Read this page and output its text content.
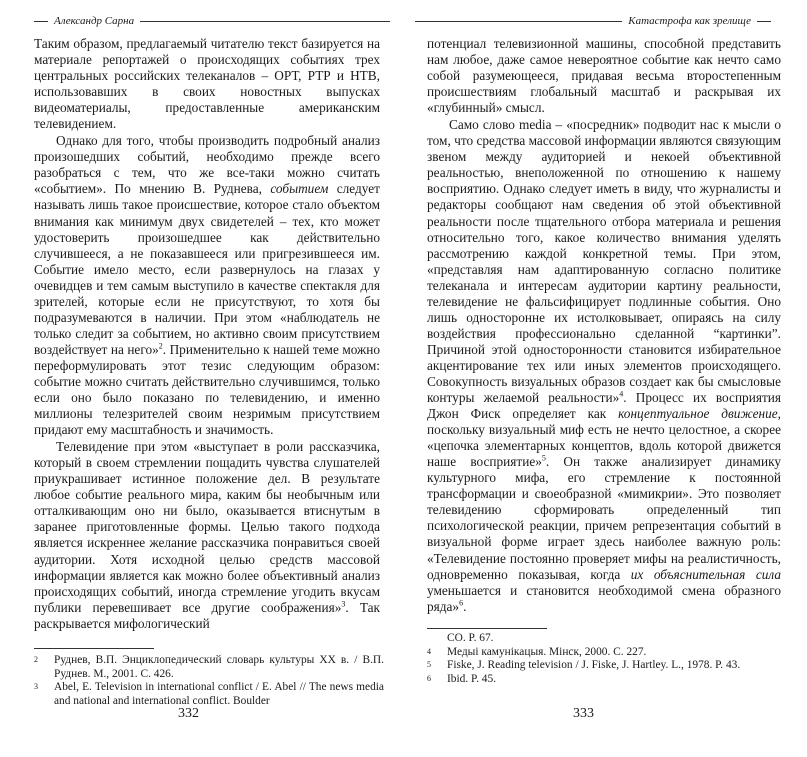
Александр Сарна

Таким образом, предлагаемый читателю текст базируется на материале репортажей о происходящих событиях трех центральных российских телеканалов – ОРТ, РТР и НТВ, использовавших в своих новостных выпусках видеоматериалы, предоставленные американским телевидением.

Однако для того, чтобы производить подробный анализ произошедших событий, необходимо прежде всего разобраться с тем, что же все-таки можно считать «событием». По мнению В. Руднева, событием следует называть лишь такое происшествие, которое стало объектом внимания как минимум двух свидетелей – тех, кто может удостоверить произошедшее как действительно случившееся, а не показавшееся или пригрезившееся им. Событие имело место, если развернулось на глазах у очевидцев и тем самым выступило в качестве спектакля для зрителей, которые если не присутствуют, то хотя бы подразумеваются в наличии. При этом «наблюдатель не только следит за событием, но активно своим присутствием воздействует на него»$^2$. Применительно к нашей теме можно переформулировать этот тезис следующим образом: событие можно считать действительно случившимся, только если оно было показано по телевидению, и именно миллионы телезрителей своим незримым присутствием придают ему масштабность и значимость.

Телевидение при этом «выступает в роли рассказчика, который в своем стремлении пощадить чувства слушателей приукрашивает истинное положение дел. В результате любое событие реального мира, каким бы необычным или отталкивающим оно ни было, оказывается втиснутым в заранее приготовленные формы. Целью такого подхода является искреннее желание рассказчика понравиться своей аудитории. Хотя исходной целью средств массовой информации является как можно более объективный анализ происходящих событий, иногда стремление угодить вкусам публики перевешивает все другие соображения»$^3$. Так раскрывается мифологический

2	Руднев, В.П. Энциклопедический словарь культуры XX в. / В.П. Руднев. М., 2001. С. 426.
3	Abel, E. Television in international conflict / E. Abel // The news media and national and international conflict. Boulder
332
Катастрофа как зрелище

потенциал телевизионной машины, способной представить нам любое, даже самое невероятное событие как нечто само собой разумеющееся, придавая весьма второстепенным происшествиям глобальный масштаб и раскрывая их «глубинный» смысл.

Само слово media – «посредник» подводит нас к мысли о том, что средства массовой информации являются связующим звеном между аудиторией и некоей объективной реальностью, внеположенной по отношению к нашему восприятию. Однако следует иметь в виду, что журналисты и редакторы сообщают нам сведения об этой объективной реальности после тщательного отбора материала и решения относительно того, какое количество внимания уделять рассмотрению каждой конкретной темы. При этом, «представляя нам адаптированную согласно политике телеканала и интересам аудитории картину реальности, телевидение не фальсифицирует подлинные события. Оно лишь односторонне их истолковывает, опираясь на силу воздействия профессионально сделанной “картинки”. Причиной этой односторонности становится избирательное акцентирование тех или иных элементов происходящего. Совокупность визуальных образов создает как бы смысловые контуры желаемой реальности»$^4$. Процесс их восприятия Джон Фиск определяет как концептуальное движение, поскольку визуальный миф есть не нечто целостное, а скорее «цепочка элементарных концептов, вдоль которой движется наше восприятие»$^5$. Он также анализирует динамику культурного мифа, его стремление к постоянной трансформации и своеобразной «мимикрии». Это позволяет телевидению сформировать определенный тип психологической реакции, причем репрезентация событий в визуальной форме играет здесь наиболее важную роль: «Телевидение постоянно проверяет мифы на реалистичность, одновременно показывая, когда их объяснительная сила уменьшается и становится необходимой смена образного ряда»$^6$.

CO. P. 67.
4	Медыі камунікацыя. Мінск, 2000. С. 227.
5	Fiske, J. Reading television / J. Fiske, J. Hartley. L., 1978. P. 43.
6	Ibid. P. 45.
333
